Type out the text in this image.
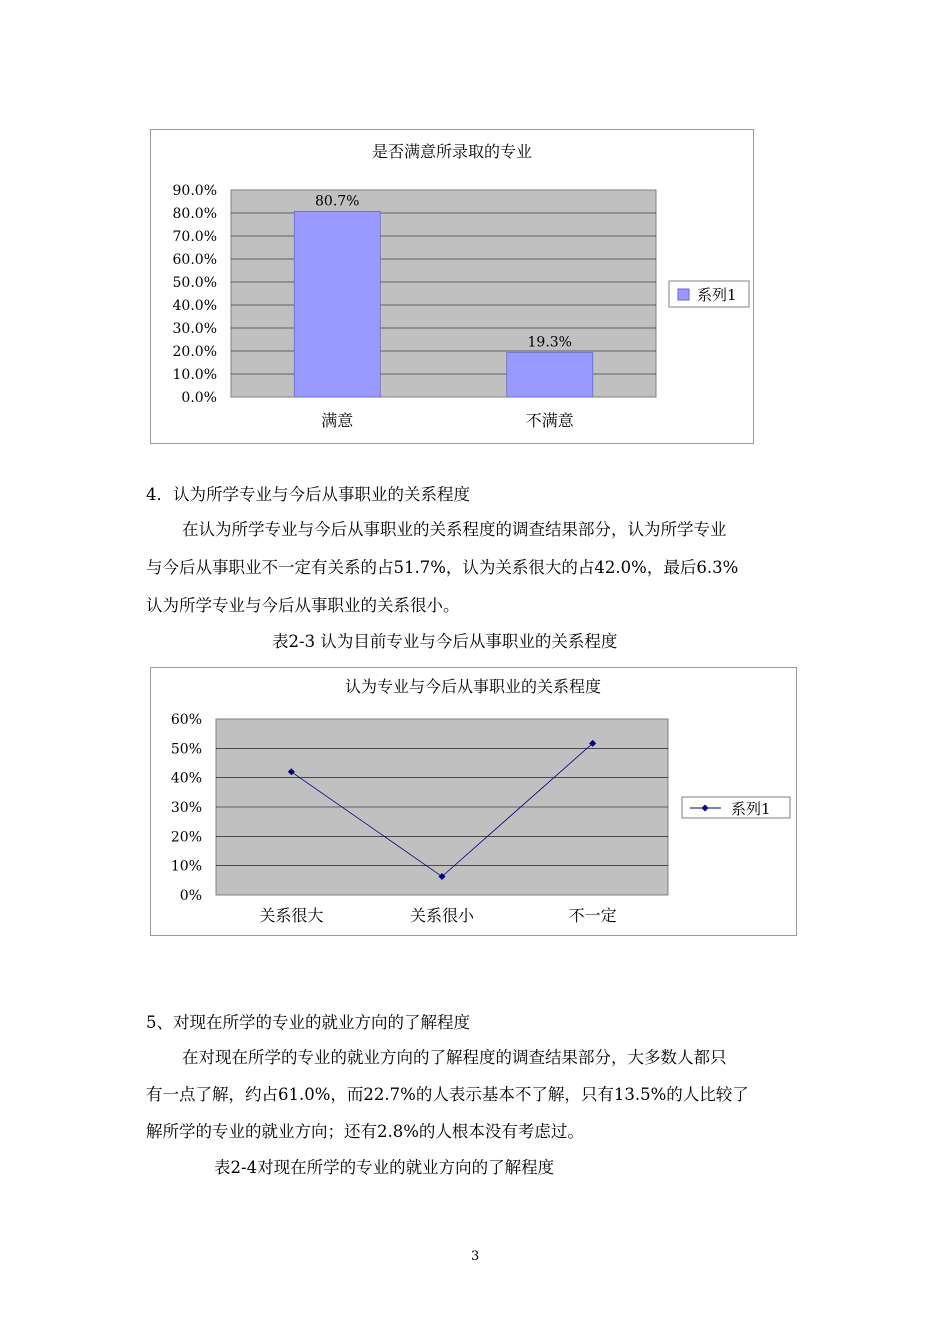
是否满意所录取的专业
0.0%
10.0%
20.0%
30.0%
40.0%
50.0%
60.0%
70.0%
80.0%
90.0%
80.7%
满意
19.3%
不满意
系列1
4．认为所学专业与今后从事职业的关系程度
在认为所学专业与今后从事职业的关系程度的调查结果部分，认为所学专业
与今后从事职业不一定有关系的占51.7%，认为关系很大的占42.0%，最后6.3%
认为所学专业与今后从事职业的关系很小。
表2-3 认为目前专业与今后从事职业的关系程度
认为专业与今后从事职业的关系程度
0%
10%
20%
30%
40%
50%
60%
关系很大	关系很小	不一定
系列1
5、对现在所学的专业的就业方向的了解程度
在对现在所学的专业的就业方向的了解程度的调查结果部分，大多数人都只
有一点了解，约占61.0%，而22.7%的人表示基本不了解，只有13.5%的人比较了
解所学的专业的就业方向；还有2.8%的人根本没有考虑过。
表2-4对现在所学的专业的就业方向的了解程度
3
